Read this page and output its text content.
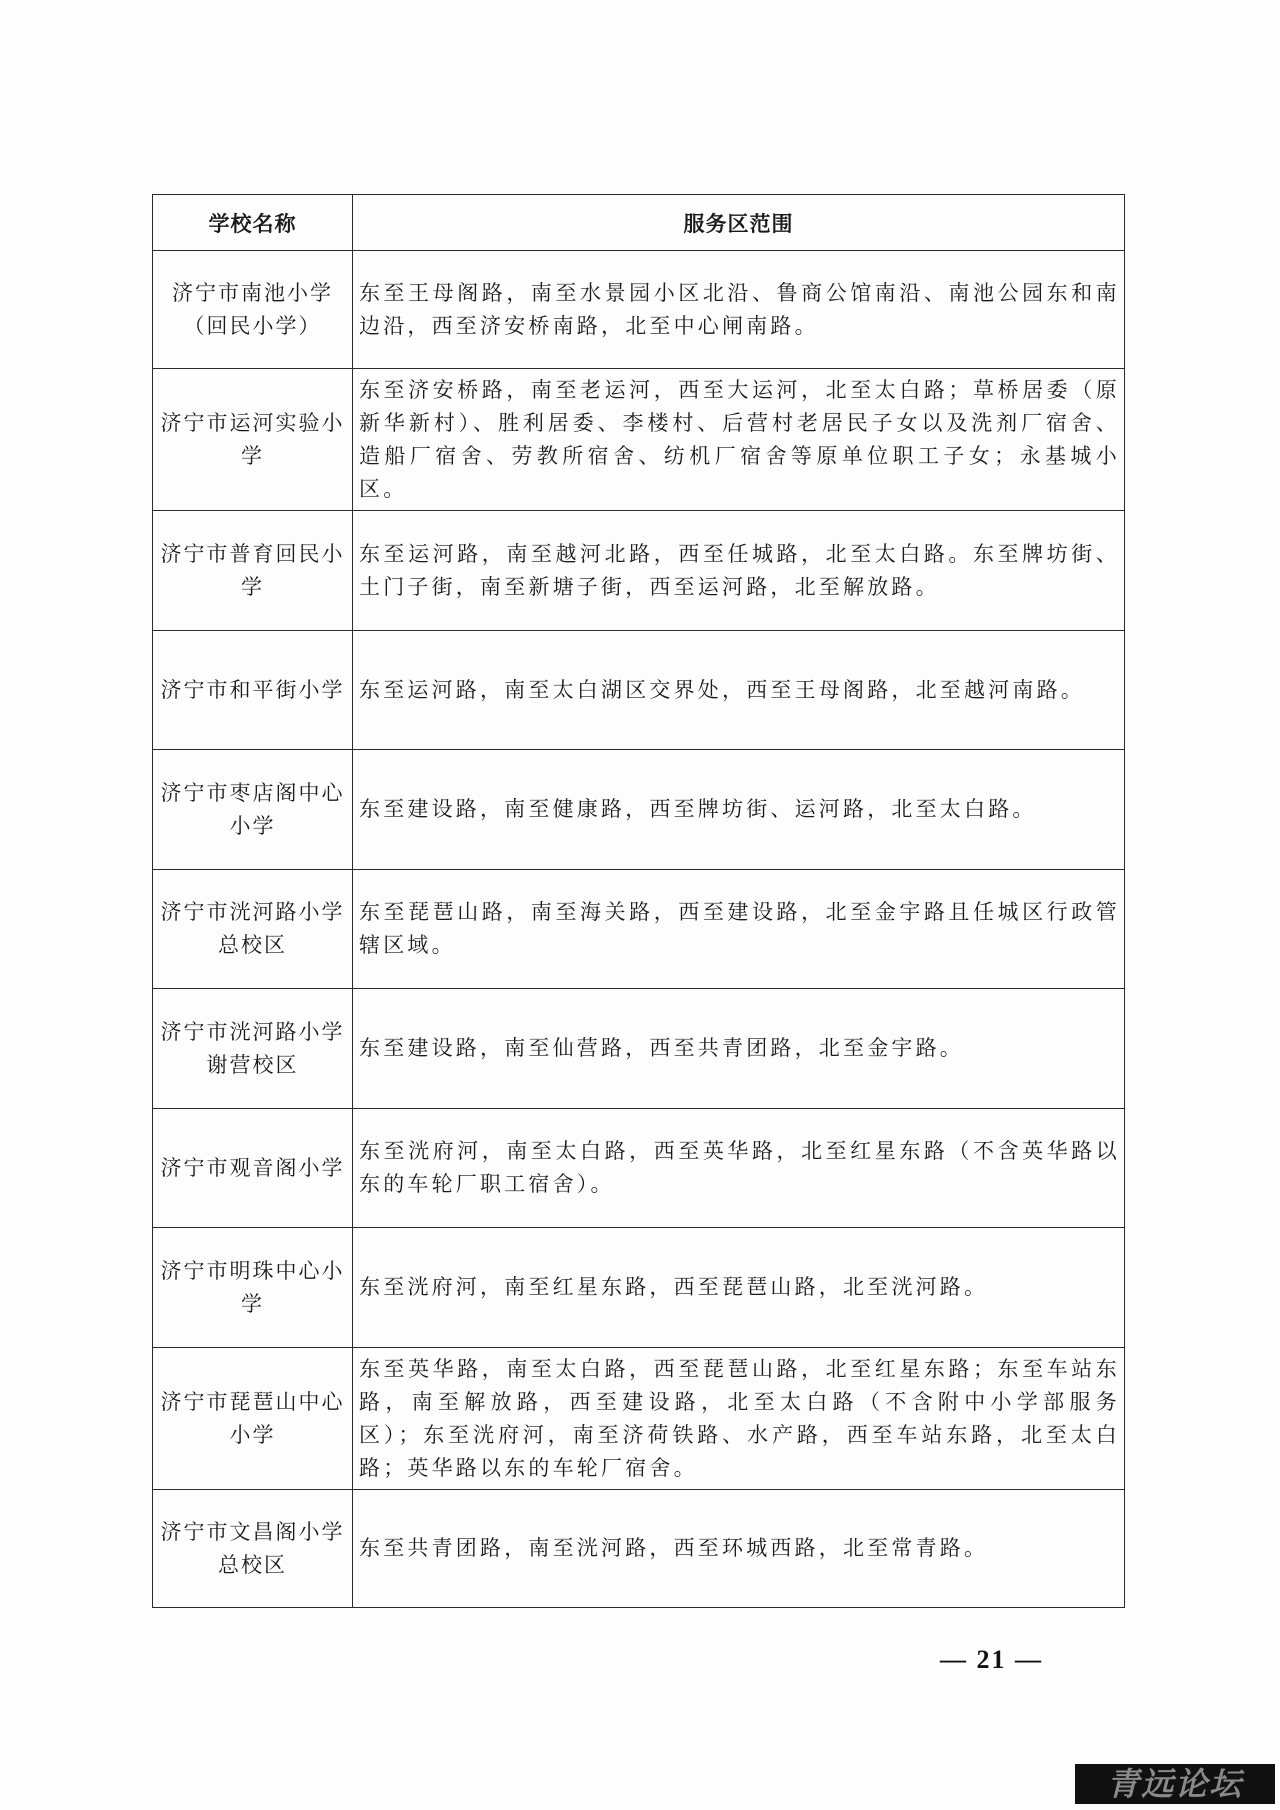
学校名称	服务区范围
济宁市南池小学（回民小学）	东至王母阁路，南至水景园小区北沿、鲁商公馆南沿、南池公园东和南边沿，西至济安桥南路，北至中心闸南路。
济宁市运河实验小学	东至济安桥路，南至老运河，西至大运河，北至太白路；草桥居委（原新华新村）、胜利居委、李楼村、后营村老居民子女以及洗剂厂宿舍、造船厂宿舍、劳教所宿舍、纺机厂宿舍等原单位职工子女；永基城小区。
济宁市普育回民小学	东至运河路，南至越河北路，西至任城路，北至太白路。东至牌坊街、土门子街，南至新塘子街，西至运河路，北至解放路。
济宁市和平街小学	东至运河路，南至太白湖区交界处，西至王母阁路，北至越河南路。
济宁市枣店阁中心小学	东至建设路，南至健康路，西至牌坊街、运河路，北至太白路。
济宁市洸河路小学总校区	东至琵琶山路，南至海关路，西至建设路，北至金宇路且任城区行政管辖区域。
济宁市洸河路小学谢营校区	东至建设路，南至仙营路，西至共青团路，北至金宇路。
济宁市观音阁小学	东至洸府河，南至太白路，西至英华路，北至红星东路（不含英华路以东的车轮厂职工宿舍）。
济宁市明珠中心小学	东至洸府河，南至红星东路，西至琵琶山路，北至洸河路。
济宁市琵琶山中心小学	东至英华路，南至太白路，西至琵琶山路，北至红星东路；东至车站东路，南至解放路，西至建设路，北至太白路（不含附中小学部服务区）；东至洸府河，南至济荷铁路、水产路，西至车站东路，北至太白路；英华路以东的车轮厂宿舍。
济宁市文昌阁小学总校区	东至共青团路，南至洸河路，西至环城西路，北至常青路。
— 21 —
青远论坛
